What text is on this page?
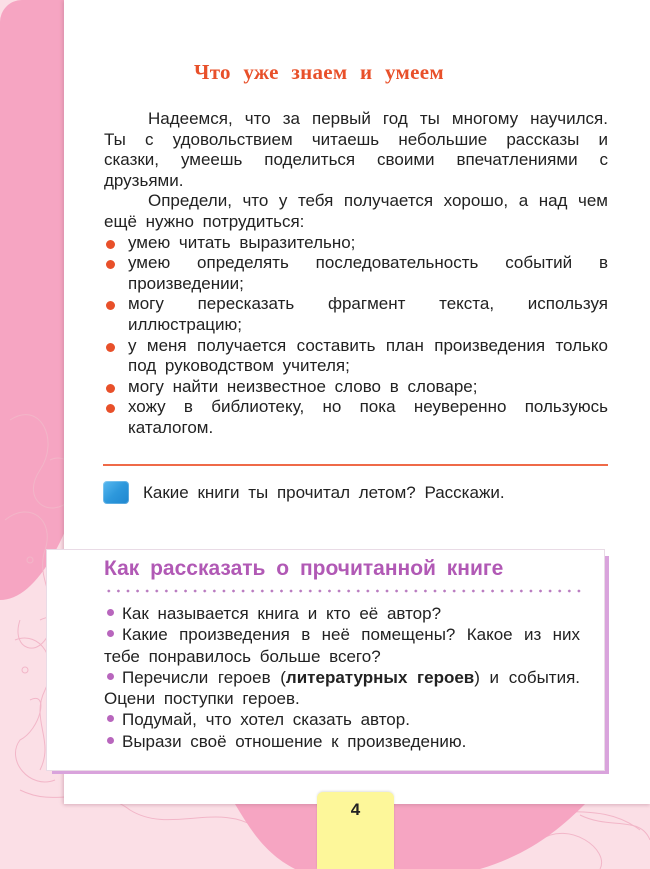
Что уже знаем и умеем

Надеемся, что за первый год ты многому научился. Ты с удовольствием читаешь небольшие рассказы и сказки, умеешь поделиться своими впечатлениями с друзьями.

Определи, что у тебя получается хорошо, а над чем ещё нужно потрудиться:

умею читать выразительно;
умею определять последовательность событий в произведении;
могу пересказать фрагмент текста, используя иллюстрацию;
у меня получается составить план произведения только под руководством учителя;
могу найти неизвестное слово в словаре;
хожу в библиотеку, но пока неуверенно пользуюсь каталогом.
Какие книги ты прочитал летом? Расскажи.
Как рассказать о прочитанной книге

Как называется книга и кто её автор?

Какие произведения в неё помещены? Какое из них тебе понравилось больше всего?

Перечисли героев (литературных героев) и события. Оцени поступки героев.

Подумай, что хотел сказать автор.

Вырази своё отношение к произведению.

4
